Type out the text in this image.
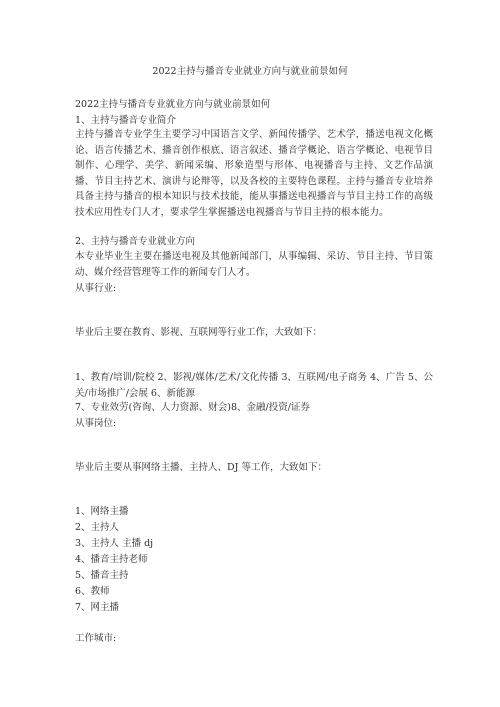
2022主持与播音专业就业方向与就业前景如何
2022主持与播音专业就业方向与就业前景如何
1、主持与播音专业简介
主持与播音专业学生主要学习中国语言文学、新闻传播学、艺术学，播送电视文化概论、语言传播艺术、播音创作根底、语言叙述、播音学概论、语言学概论、电视节目制作、心理学、美学、新闻采编、形象造型与形体、电视播音与主持、文艺作品演播、节目主持艺术、演讲与论辩等，以及各校的主要特色课程。主持与播音专业培养具备主持与播音的根本知识与技术技能，能从事播送电视播音与节目主持工作的高级技术应用性专门人才，要求学生掌握播送电视播音与节目主持的根本能力。
2、主持与播音专业就业方向
本专业毕业生主要在播送电视及其他新闻部门，从事编辑、采访、节目主持、节目策动、媒介经营管理等工作的新闻专门人才。
从事行业:
毕业后主要在教育、影视、互联网等行业工作，大致如下：
1、教育/培训/院校 2、影视/媒体/艺术/文化传播 3、互联网/电子商务 4、广告 5、公关/市场推广/会展 6、新能源
7、专业效劳(咨询、人力资源、财会)8、金融/投资/证券
从事岗位:
毕业后主要从事网络主播、主持人、DJ 等工作，大致如下：
1、网络主播
2、主持人
3、主持人 主播 dj
4、播音主持老师
5、播音主持
6、教师
7、网主播
工作城市:
